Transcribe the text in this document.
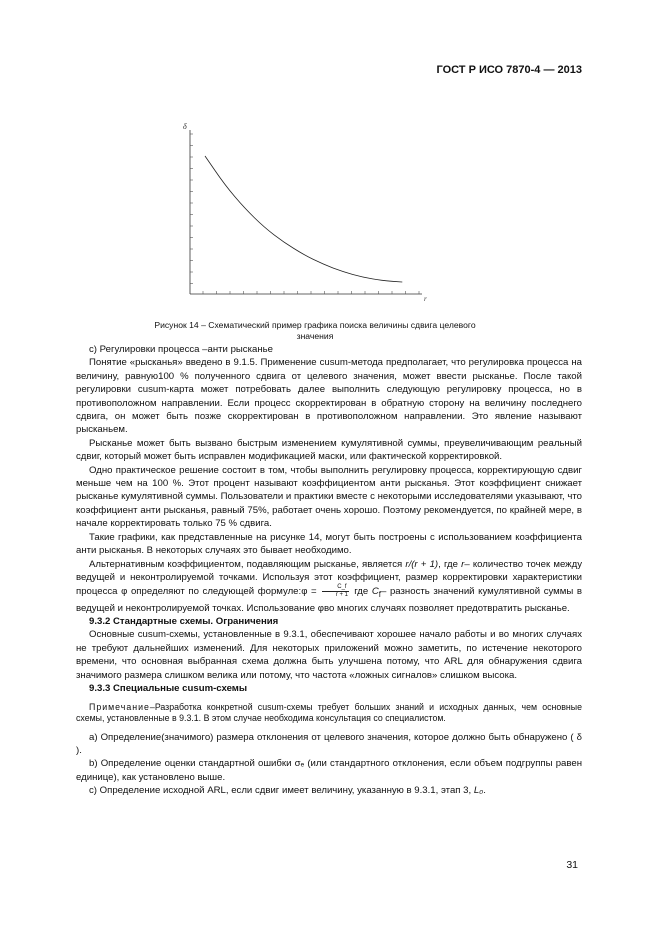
ГОСТ Р ИСО 7870-4 — 2013
δ
r
Рисунок 14 – Схематический пример графика поиска величины сдвига целевого
значения

с) Регулировки процесса –анти рысканье

Понятие «рысканья» введено в 9.1.5. Применение cusum-метода предполагает, что регулировка процесса на величину, равную100 % полученного сдвига от целевого значения, может ввести рысканье. После такой регулировки cusum-карта может потребовать далее выполнить следующую регулировку процесса, но в противоположном направлении. Если процесс скорректирован в обратную сторону на величину последнего сдвига, он может быть позже скорректирован в противоположном направлении. Это явление называют рысканьем.

Рысканье может быть вызвано быстрым изменением кумулятивной суммы, преувеличивающим реальный сдвиг, который может быть исправлен модификацией маски, или фактической корректировкой.

Одно практическое решение состоит в том, чтобы выполнить регулировку процесса, корректирующую сдвиг меньше чем на 100 %. Этот процент называют коэффициентом анти рысканья. Этот коэффициент снижает рысканье кумулятивной суммы. Пользователи и практики вместе с некоторыми исследователями указывают, что коэффициент анти рысканья, равный 75%, работает очень хорошо. Поэтому рекомендуется, по крайней мере, в начале корректировать только 75 % сдвига.

Такие графики, как представленные на рисунке 14, могут быть построены с использованием коэффициента анти рысканья. В некоторых случаях это бывает необходимо.

Альтернативным коэффициентом, подавляющим рысканье, является r/(r + 1), где r– количество точек между ведущей и неконтролируемой точками. Используя этот коэффициент, размер корректировки характеристики процесса φ определяют по следующей формуле:φ = $\frac{C\_f}{r + 1}$ где $C_f-$ разность значений кумулятивной суммы в ведущей и неконтролируемой точках. Использование φво многих случаях позволяет предотвратить рысканье.

9.3.2 Стандартные схемы. Ограничения

Основные cusum-схемы, установленные в 9.3.1, обеспечивают хорошее начало работы и во многих случаях не требуют дальнейших изменений. Для некоторых приложений можно заметить, по истечение некоторого времени, что основная выбранная схема должна быть улучшена потому, что ARL для обнаружения сдвига значимого размера слишком велика или потому, что частота «ложных сигналов» слишком высока.

9.3.3 Специальные cusum-схемы

Примечание–Разработка конкретной cusum-схемы требует больших знаний и исходных данных, чем основные схемы, установленные в 9.3.1. В этом случае необходима консультация со специалистом.

а) Определение(значимого) размера отклонения от целевого значения, которое должно быть обнаружено ( δ ).

b) Определение оценки стандартной ошибки σₑ (или стандартного отклонения, если объем подгруппы равен единице), как установлено выше.

с) Определение исходной ARL, если сдвиг имеет величину, указанную в 9.3.1, этап 3, L₀.

31
